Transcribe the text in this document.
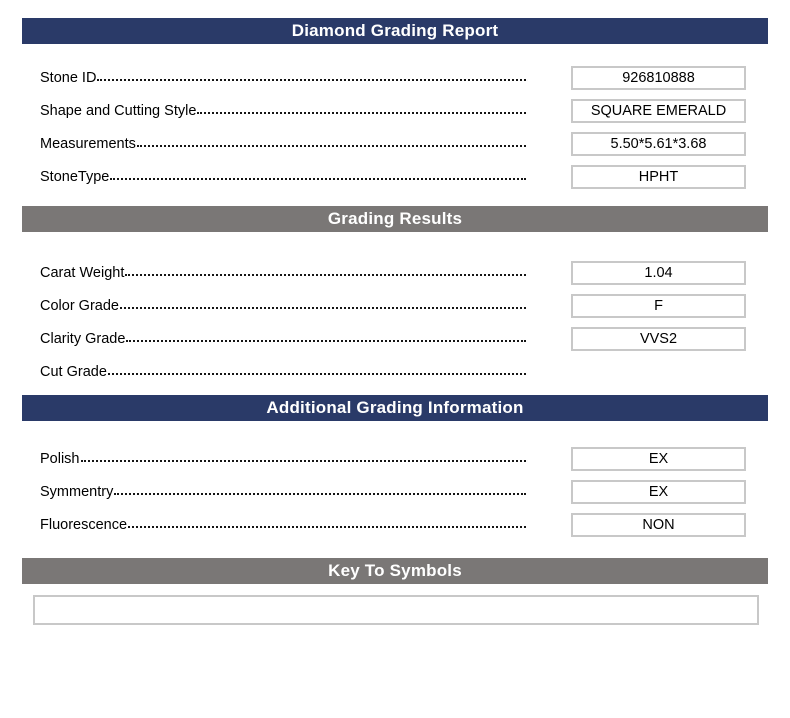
Diamond Grading Report
Stone ID	926810888
Shape and Cutting Style	SQUARE EMERALD
Measurements	5.50*5.61*3.68
StoneType	HPHT
Grading Results
Carat Weight	1.04
Color Grade	F
Clarity Grade	VVS2
Cut Grade
Additional Grading Information
Polish	EX
Symmentry	EX
Fluorescence	NON
Key To Symbols
